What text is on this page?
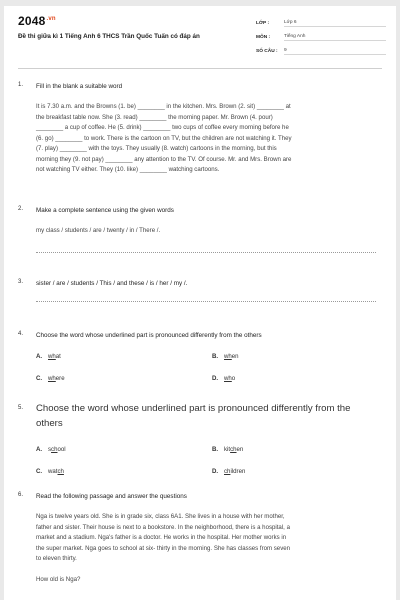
$2048^{.vn}$
Đề thi giữa kì 1 Tiếng Anh 6 THCS Trần Quốc Tuấn có đáp án
LỚP :	Lớp 6
MÔN :	Tiếng Anh
SỐ CÂU :	9
1. Fill in the blank a suitable word
It is 7.30 a.m. and the Browns (1. be) ________ in the kitchen. Mrs. Brown (2. sit) ________ at
the breakfast table now. She (3. read) ________ the morning paper. Mr. Brown (4. pour)
________ a cup of coffee. He (5. drink) ________ two cups of coffee every morning before he
(6. go) ________ to work. There is the cartoon on TV, but the children are not watching it. They
(7. play) ________ with the toys. They usually (8. watch) cartoons in the morning, but this
morning they (9. not pay) ________ any attention to the TV. Of course. Mr. and Mrs. Brown are
not watching TV either. They (10. like) ________ watching cartoons.
2. Make a complete sentence using the given words
my class / students / are / twenty / in / There /.
3. sister / are / students / This / and these / is / her / my /.
4. Choose the word whose underlined part is pronounced differently from the others
A. what	B. when
C. where	D. who
5. Choose the word whose underlined part is pronounced differently from the others
A. school	B. kitchen
C. watch	D. children
6. Read the following passage and answer the questions
Nga is twelve years old. She is in grade six, class 6A1. She lives in a house with her mother,
father and sister. Their house is next to a bookstore. In the neighborhood, there is a hospital, a
market and a stadium. Nga's father is a doctor. He works in the hospital. Her mother works in
the super market. Nga goes to school at six- thirty in the morning. She has classes from seven
to eleven thirty.
How old is Nga?
